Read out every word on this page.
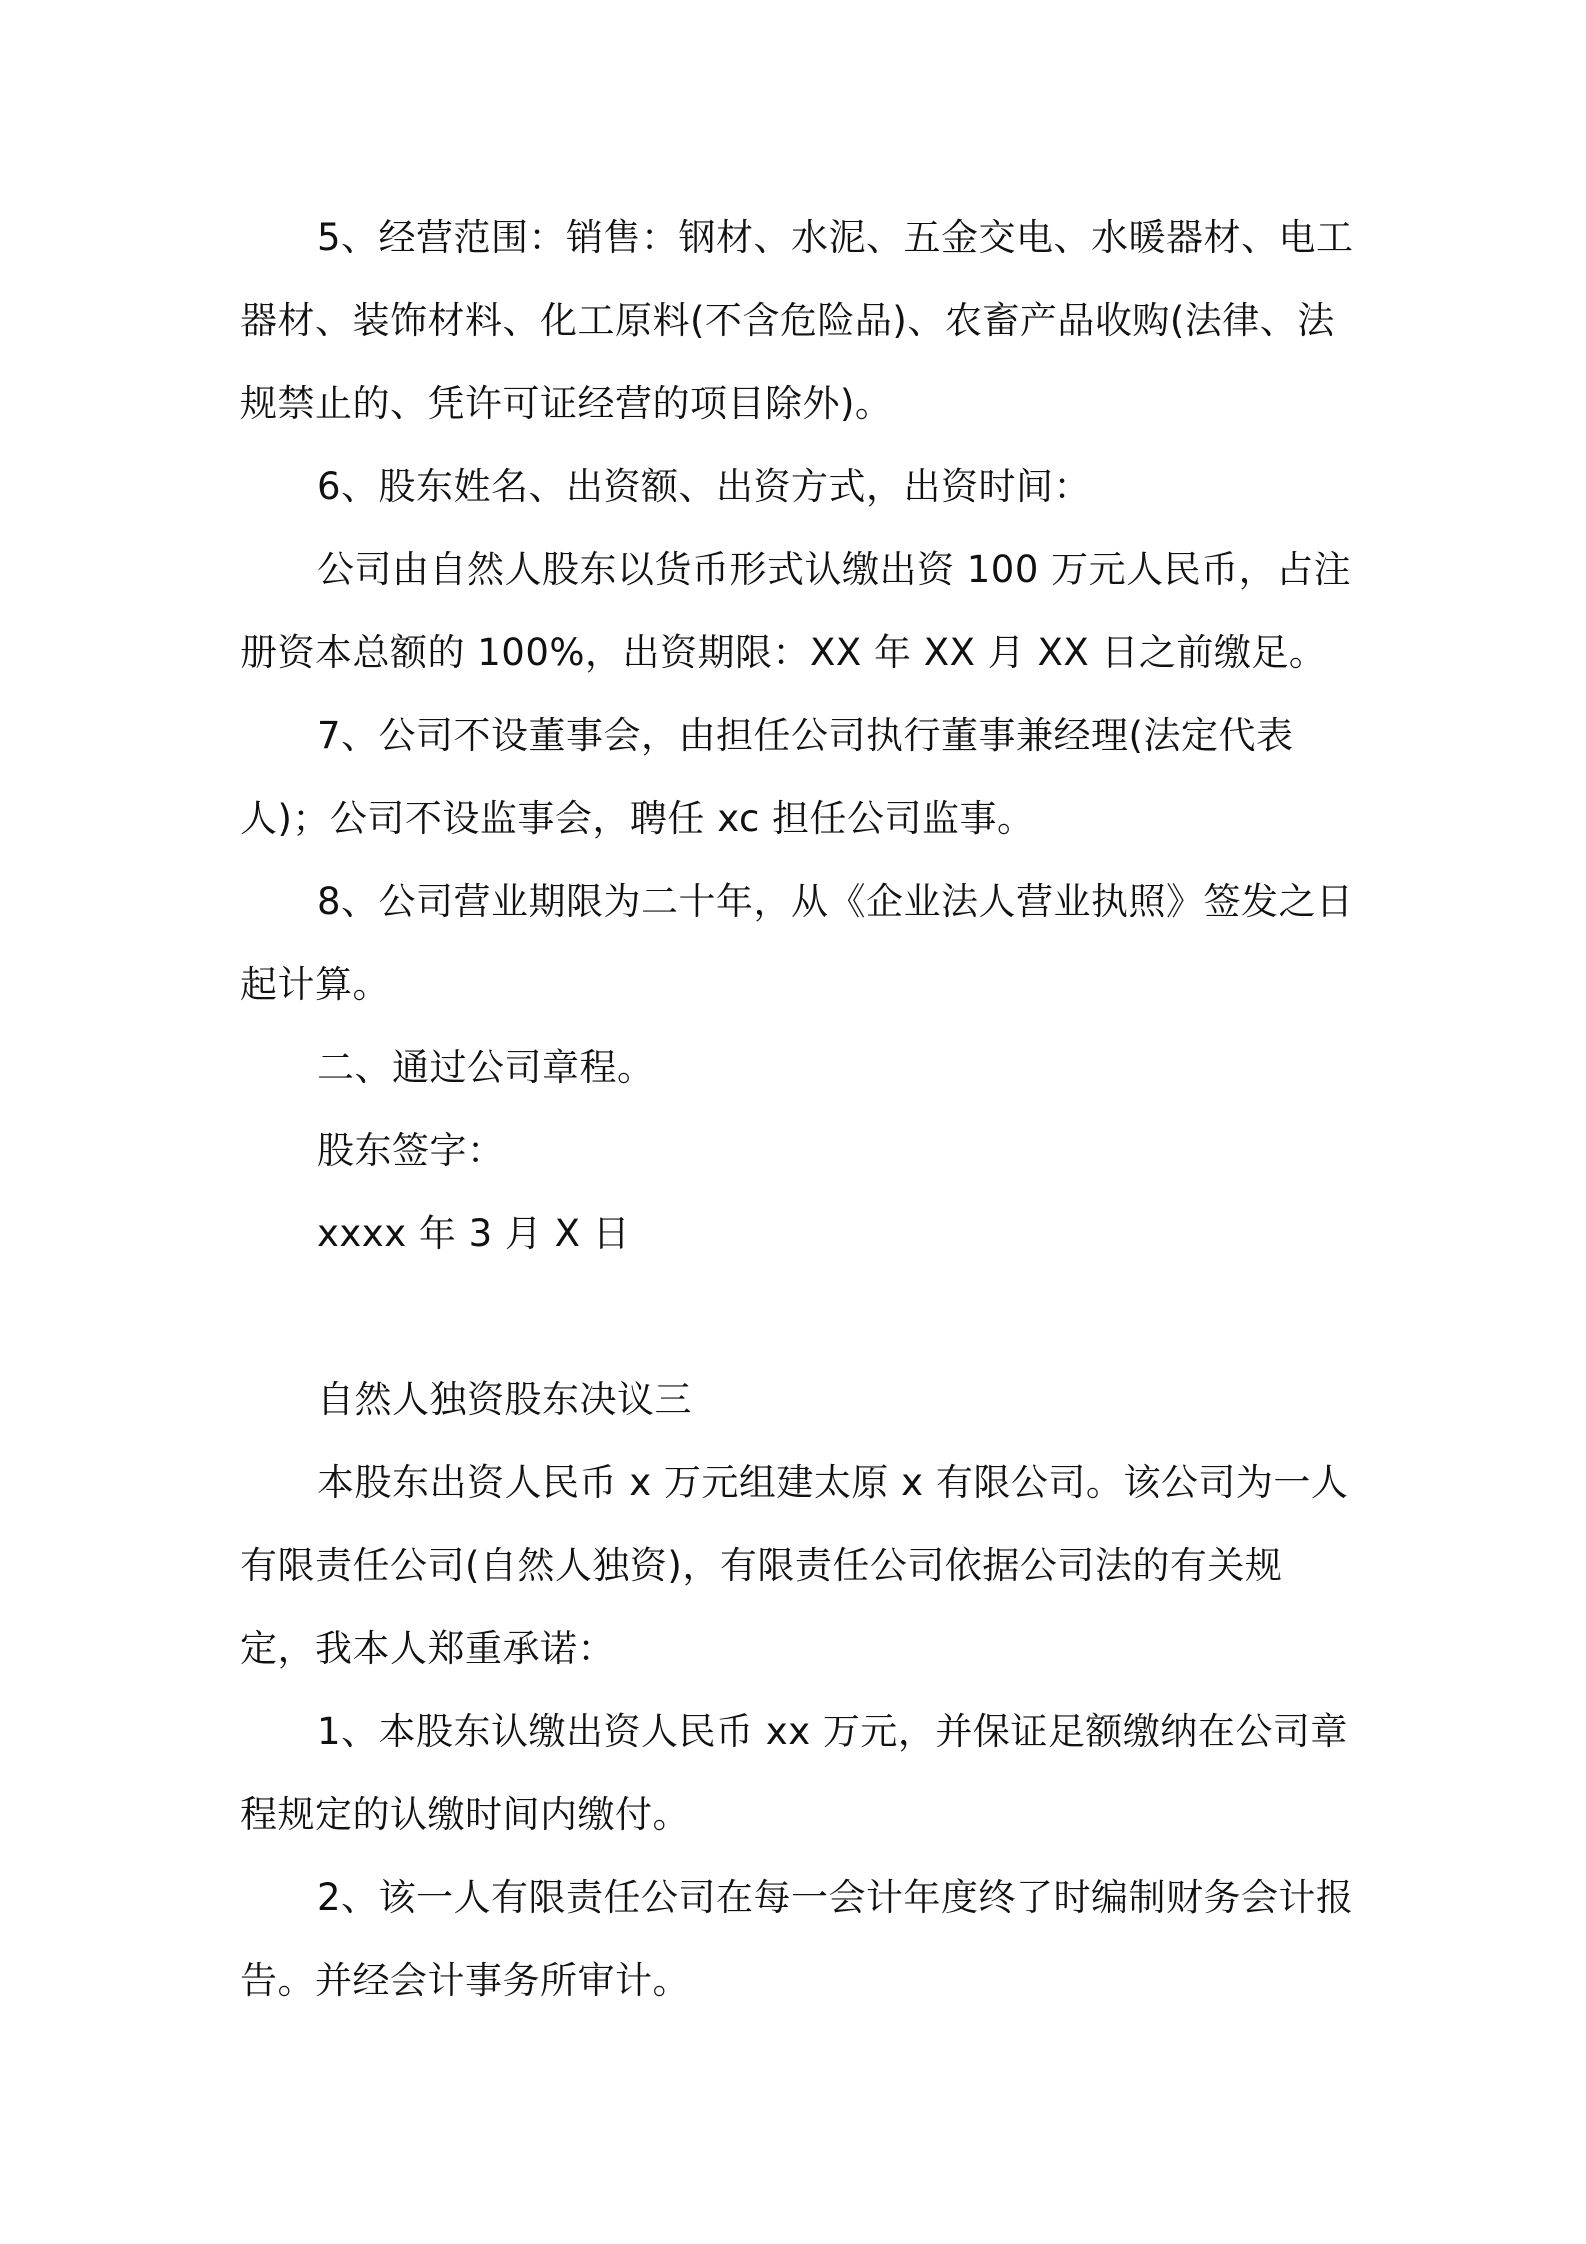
5、经营范围：销售：钢材、水泥、五金交电、水暖器材、电工器材、装饰材料、化工原料(不含危险品)、农畜产品收购(法律、法规禁止的、凭许可证经营的项目除外)。

6、股东姓名、出资额、出资方式，出资时间：

公司由自然人股东以货币形式认缴出资 100 万元人民币，占注册资本总额的 100%，出资期限：XX 年 XX 月 XX 日之前缴足。

7、公司不设董事会，由担任公司执行董事兼经理(法定代表人)；公司不设监事会，聘任 xc 担任公司监事。

8、公司营业期限为二十年，从《企业法人营业执照》签发之日起计算。

二、通过公司章程。

股东签字：

xxxx 年 3 月 X 日

自然人独资股东决议三

本股东出资人民币 x 万元组建太原 x 有限公司。该公司为一人有限责任公司(自然人独资)，有限责任公司依据公司法的有关规定，我本人郑重承诺：

1、本股东认缴出资人民币 xx 万元，并保证足额缴纳在公司章程规定的认缴时间内缴付。

2、该一人有限责任公司在每一会计年度终了时编制财务会计报告。并经会计事务所审计。
